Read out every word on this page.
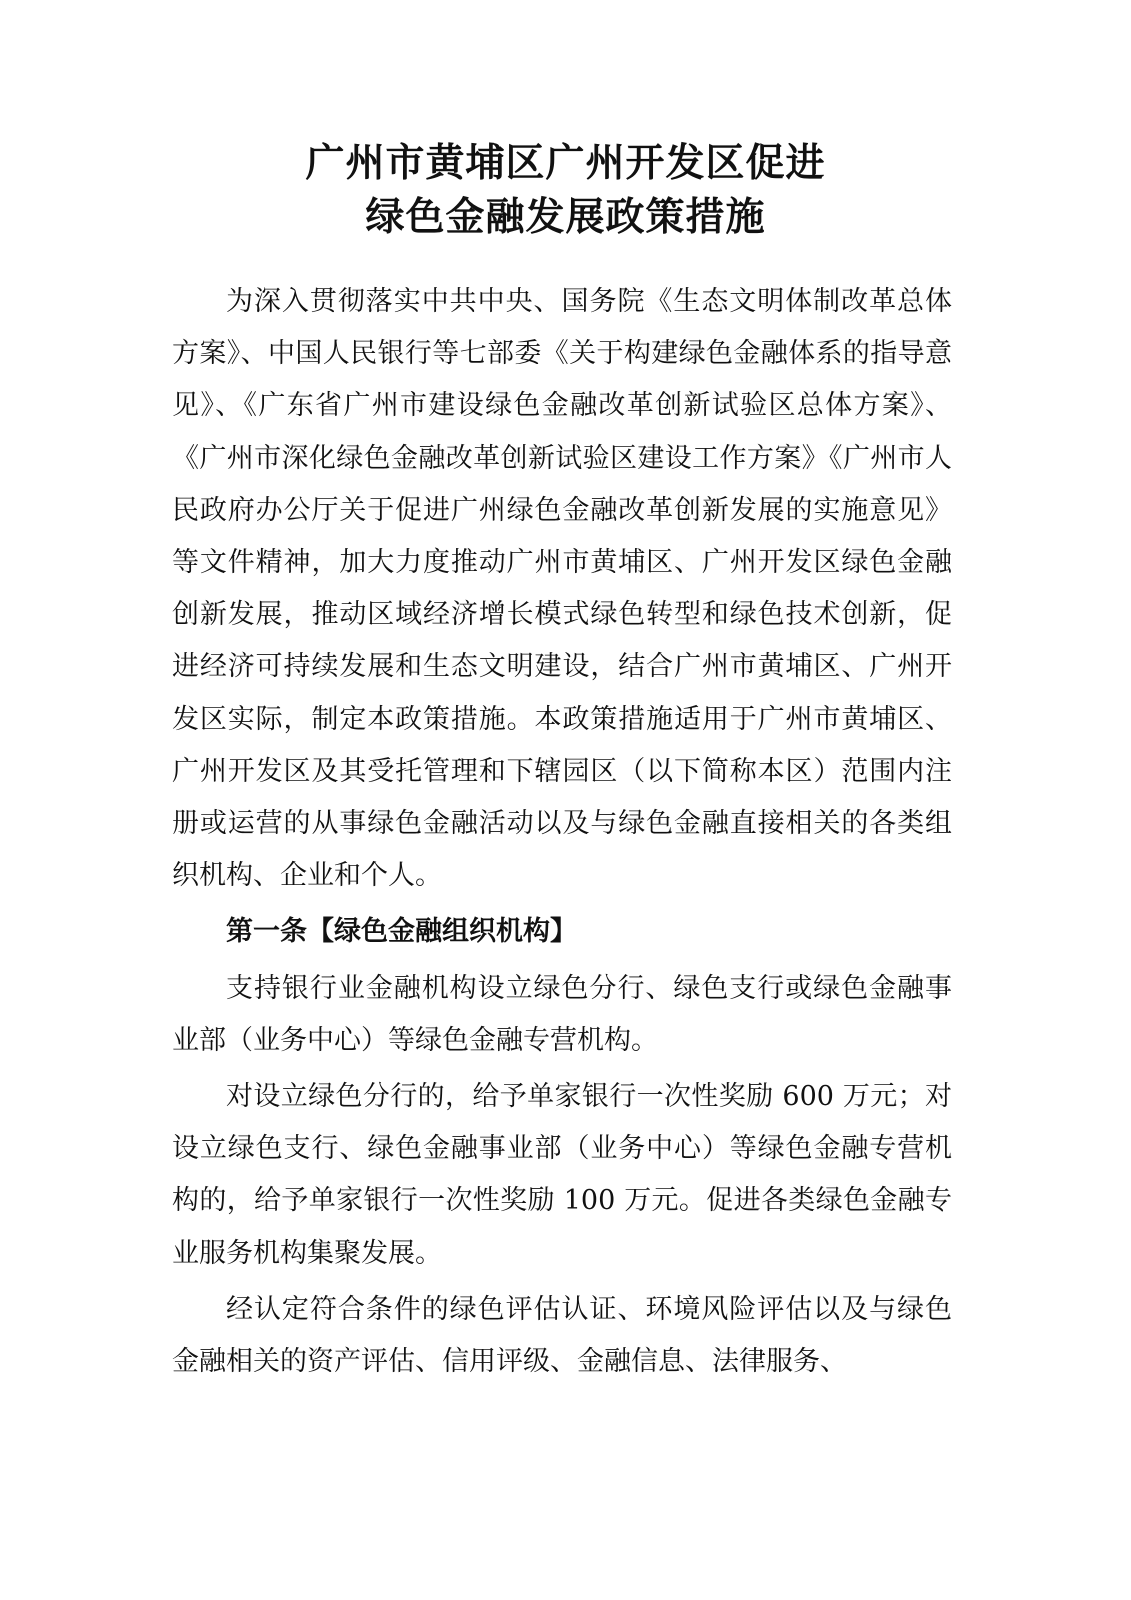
广州市黄埔区广州开发区促进
绿色金融发展政策措施

为深入贯彻落实中共中央、国务院《生态文明体制改革总体方案》、中国人民银行等七部委《关于构建绿色金融体系的指导意见》、《广东省广州市建设绿色金融改革创新试验区总体方案》、《广州市深化绿色金融改革创新试验区建设工作方案》《广州市人民政府办公厅关于促进广州绿色金融改革创新发展的实施意见》等文件精神，加大力度推动广州市黄埔区、广州开发区绿色金融创新发展，推动区域经济增长模式绿色转型和绿色技术创新，促进经济可持续发展和生态文明建设，结合广州市黄埔区、广州开发区实际，制定本政策措施。本政策措施适用于广州市黄埔区、广州开发区及其受托管理和下辖园区（以下简称本区）范围内注册或运营的从事绿色金融活动以及与绿色金融直接相关的各类组织机构、企业和个人。

第一条【绿色金融组织机构】

支持银行业金融机构设立绿色分行、绿色支行或绿色金融事业部（业务中心）等绿色金融专营机构。

对设立绿色分行的，给予单家银行一次性奖励 600 万元；对设立绿色支行、绿色金融事业部（业务中心）等绿色金融专营机构的，给予单家银行一次性奖励 100 万元。促进各类绿色金融专业服务机构集聚发展。

经认定符合条件的绿色评估认证、环境风险评估以及与绿色金融相关的资产评估、信用评级、金融信息、法律服务、
